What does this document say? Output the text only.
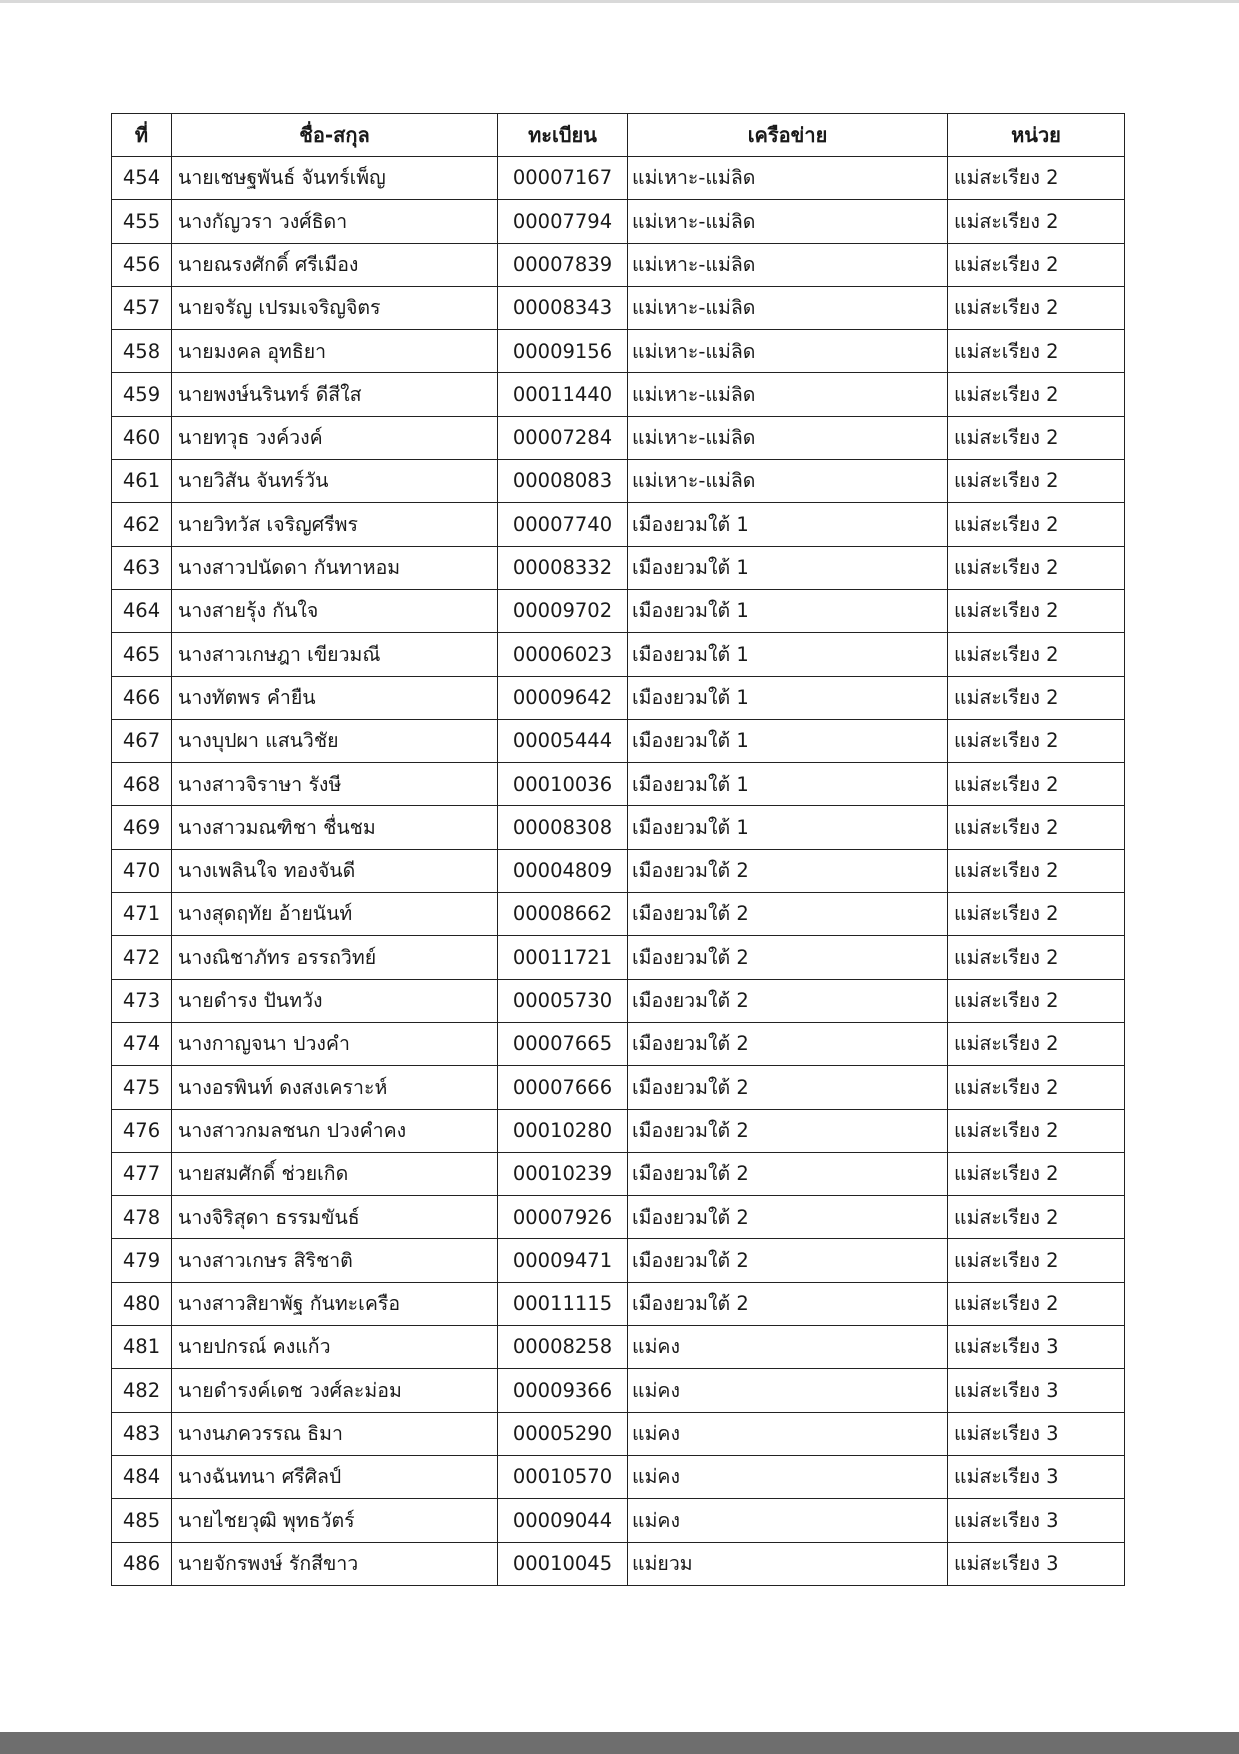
ที่	ชื่อ-สกุล	ทะเบียน	เครือข่าย	หน่วย
454	นายเชษฐพันธ์ จันทร์เพ็ญ	00007167	แม่เหาะ-แม่ลิด	แม่สะเรียง 2
455	นางกัญวรา วงศ์ธิดา	00007794	แม่เหาะ-แม่ลิด	แม่สะเรียง 2
456	นายณรงศักดิ์ ศรีเมือง	00007839	แม่เหาะ-แม่ลิด	แม่สะเรียง 2
457	นายจรัญ เปรมเจริญจิตร	00008343	แม่เหาะ-แม่ลิด	แม่สะเรียง 2
458	นายมงคล อุทธิยา	00009156	แม่เหาะ-แม่ลิด	แม่สะเรียง 2
459	นายพงษ์นรินทร์ ดีสีใส	00011440	แม่เหาะ-แม่ลิด	แม่สะเรียง 2
460	นายทวุธ วงค์วงค์	00007284	แม่เหาะ-แม่ลิด	แม่สะเรียง 2
461	นายวิสัน จันทร์วัน	00008083	แม่เหาะ-แม่ลิด	แม่สะเรียง 2
462	นายวิทวัส เจริญศรีพร	00007740	เมืองยวมใต้ 1	แม่สะเรียง 2
463	นางสาวปนัดดา กันทาหอม	00008332	เมืองยวมใต้ 1	แม่สะเรียง 2
464	นางสายรุ้ง กันใจ	00009702	เมืองยวมใต้ 1	แม่สะเรียง 2
465	นางสาวเกษฎา เขียวมณี	00006023	เมืองยวมใต้ 1	แม่สะเรียง 2
466	นางทัตพร คำยืน	00009642	เมืองยวมใต้ 1	แม่สะเรียง 2
467	นางบุปผา แสนวิชัย	00005444	เมืองยวมใต้ 1	แม่สะเรียง 2
468	นางสาวจิราษา รังษี	00010036	เมืองยวมใต้ 1	แม่สะเรียง 2
469	นางสาวมณฑิชา ชื่นชม	00008308	เมืองยวมใต้ 1	แม่สะเรียง 2
470	นางเพลินใจ ทองจันดี	00004809	เมืองยวมใต้ 2	แม่สะเรียง 2
471	นางสุดฤทัย อ้ายนันท์	00008662	เมืองยวมใต้ 2	แม่สะเรียง 2
472	นางณิชาภัทร อรรถวิทย์	00011721	เมืองยวมใต้ 2	แม่สะเรียง 2
473	นายดำรง ปันทวัง	00005730	เมืองยวมใต้ 2	แม่สะเรียง 2
474	นางกาญจนา ปวงคำ	00007665	เมืองยวมใต้ 2	แม่สะเรียง 2
475	นางอรพินท์ ดงสงเคราะห์	00007666	เมืองยวมใต้ 2	แม่สะเรียง 2
476	นางสาวกมลชนก ปวงคำคง	00010280	เมืองยวมใต้ 2	แม่สะเรียง 2
477	นายสมศักดิ์ ช่วยเกิด	00010239	เมืองยวมใต้ 2	แม่สะเรียง 2
478	นางจิริสุดา ธรรมขันธ์	00007926	เมืองยวมใต้ 2	แม่สะเรียง 2
479	นางสาวเกษร สิริชาติ	00009471	เมืองยวมใต้ 2	แม่สะเรียง 2
480	นางสาวสิยาพัฐ กันทะเครือ	00011115	เมืองยวมใต้ 2	แม่สะเรียง 2
481	นายปกรณ์ คงแก้ว	00008258	แม่คง	แม่สะเรียง 3
482	นายดำรงค์เดช วงศ์ละม่อม	00009366	แม่คง	แม่สะเรียง 3
483	นางนภควรรณ ธิมา	00005290	แม่คง	แม่สะเรียง 3
484	นางฉันทนา ศรีศิลป์	00010570	แม่คง	แม่สะเรียง 3
485	นายไชยวุฒิ พุทธวัตร์	00009044	แม่คง	แม่สะเรียง 3
486	นายจักรพงษ์ รักสีขาว	00010045	แม่ยวม	แม่สะเรียง 3
